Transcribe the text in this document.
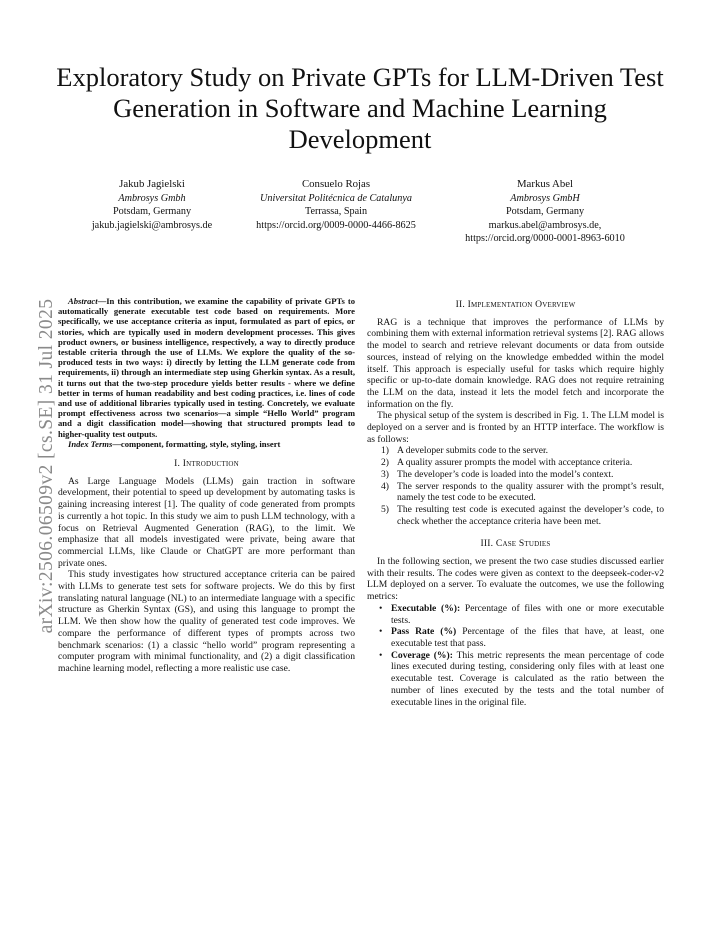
arXiv:2506.06509v2 [cs.SE] 31 Jul 2025
Exploratory Study on Private GPTs for LLM-Driven Test Generation in Software and Machine Learning Development
Jakub Jagielski
Ambrosys Gmbh
Potsdam, Germany
jakub.jagielski@ambrosys.de
Consuelo Rojas
Universitat Politécnica de Catalunya
Terrassa, Spain
https://orcid.org/0009-0000-4466-8625
Markus Abel
Ambrosys GmbH
Potsdam, Germany
markus.abel@ambrosys.de,
https://orcid.org/0000-0001-8963-6010

Abstract—In this contribution, we examine the capability of private GPTs to automatically generate executable test code based on requirements. More specifically, we use acceptance criteria as input, formulated as part of epics, or stories, which are typically used in modern development processes. This gives product owners, or business intelligence, respectively, a way to directly produce testable criteria through the use of LLMs. We explore the quality of the so-produced tests in two ways: i) directly by letting the LLM generate code from requirements, ii) through an intermediate step using Gherkin syntax. As a result, it turns out that the two-step procedure yields better results - where we define better in terms of human readability and best coding practices, i.e. lines of code and use of additional libraries typically used in testing. Concretely, we evaluate prompt effectiveness across two scenarios—a simple “Hello World” program and a digit classification model—showing that structured prompts lead to higher-quality test outputs.

Index Terms—component, formatting, style, styling, insert

I. Introduction

As Large Language Models (LLMs) gain traction in software development, their potential to speed up development by automating tasks is gaining increasing interest [1]. The quality of code generated from prompts is currently a hot topic. In this study we aim to push LLM technology, with a focus on Retrieval Augmented Generation (RAG), to the limit. We emphasize that all models investigated were private, being aware that commercial LLMs, like Claude or ChatGPT are more performant than private ones.

This study investigates how structured acceptance criteria can be paired with LLMs to generate test sets for software projects. We do this by first translating natural language (NL) to an intermediate language with a specific structure as Gherkin Syntax (GS), and using this language to prompt the LLM. We then show how the quality of generated test code improves. We compare the performance of different types of prompts across two benchmark scenarios: (1) a classic “hello world” program representing a computer program with minimal functionality, and (2) a digit classification machine learning model, reflecting a more realistic use case.

II. Implementation Overview

RAG is a technique that improves the performance of LLMs by combining them with external information retrieval systems [2]. RAG allows the model to search and retrieve relevant documents or data from outside sources, instead of relying on the knowledge embedded within the model itself. This approach is especially useful for tasks which require highly specific or up-to-date domain knowledge. RAG does not require retraining the LLM on the data, instead it lets the model fetch and incorporate the information on the fly.

The physical setup of the system is described in Fig. 1. The LLM model is deployed on a server and is fronted by an HTTP interface. The workflow is as follows:

1) A developer submits code to the server.
2) A quality assurer prompts the model with acceptance criteria.
3) The developer’s code is loaded into the model’s context.
4) The server responds to the quality assurer with the prompt’s result, namely the test code to be executed.
5) The resulting test code is executed against the developer’s code, to check whether the acceptance criteria have been met.
III. Case Studies

In the following section, we present the two case studies discussed earlier with their results. The codes were given as context to the deepseek-coder-v2 LLM deployed on a server. To evaluate the outcomes, we use the following metrics:

• Executable (%): Percentage of files with one or more executable tests.
• Pass Rate (%) Percentage of the files that have, at least, one executable test that pass.
• Coverage (%): This metric represents the mean percentage of code lines executed during testing, considering only files with at least one executable test. Coverage is calculated as the ratio between the number of lines executed by the tests and the total number of executable lines in the original file.
